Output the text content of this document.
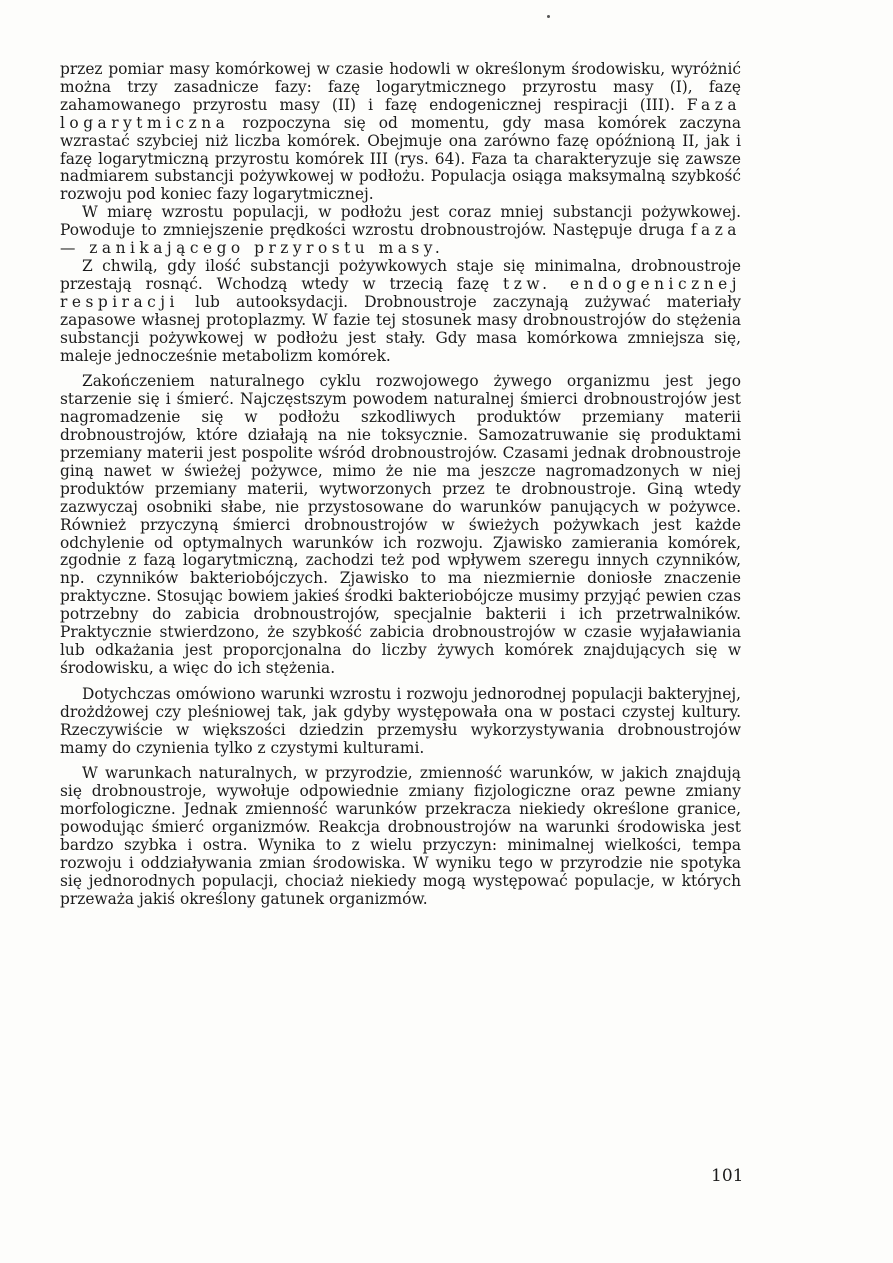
przez pomiar masy komórkowej w czasie hodowli w określonym środowisku, wyróżnić można trzy zasadnicze fazy: fazę logarytmicznego przyrostu masy (I), fazę zahamowanego przyrostu masy (II) i fazę endogenicznej respiracji (III). Faza logarytmiczna rozpoczyna się od momentu, gdy masa komórek zaczyna wzrastać szybciej niż liczba komórek. Obejmuje ona zarówno fazę opóźnioną II, jak i fazę logarytmiczną przyrostu komórek III (rys. 64). Faza ta charakteryzuje się zawsze nadmiarem substancji pożywkowej w podłożu. Populacja osiąga maksymalną szybkość rozwoju pod koniec fazy logarytmicznej.

W miarę wzrostu populacji, w podłożu jest coraz mniej substancji pożywkowej. Powoduje to zmniejszenie prędkości wzrostu drobnoustrojów. Następuje druga faza — zanikającego przyrostu masy.

Z chwilą, gdy ilość substancji pożywkowych staje się minimalna, drobnoustroje przestają rosnąć. Wchodzą wtedy w trzecią fazę tzw. endogenicznej respiracji lub autooksydacji. Drobnoustroje zaczynają zużywać materiały zapasowe własnej protoplazmy. W fazie tej stosunek masy drobnoustrojów do stężenia substancji pożywkowej w podłożu jest stały. Gdy masa komórkowa zmniejsza się, maleje jednocześnie metabolizm komórek.

Zakończeniem naturalnego cyklu rozwojowego żywego organizmu jest jego starzenie się i śmierć. Najczęstszym powodem naturalnej śmierci drobnoustrojów jest nagromadzenie się w podłożu szkodliwych produktów przemiany materii drobnoustrojów, które działają na nie toksycznie. Samozatruwanie się produktami przemiany materii jest pospolite wśród drobnoustrojów. Czasami jednak drobnoustroje giną nawet w świeżej pożywce, mimo że nie ma jeszcze nagromadzonych w niej produktów przemiany materii, wytworzonych przez te drobnoustroje. Giną wtedy zazwyczaj osobniki słabe, nie przystosowane do warunków panujących w pożywce. Również przyczyną śmierci drobnoustrojów w świeżych pożywkach jest każde odchylenie od optymalnych warunków ich rozwoju. Zjawisko zamierania komórek, zgodnie z fazą logarytmiczną, zachodzi też pod wpływem szeregu innych czynników, np. czynników bakteriobójczych. Zjawisko to ma niezmiernie doniosłe znaczenie praktyczne. Stosując bowiem jakieś środki bakteriobójcze musimy przyjąć pewien czas potrzebny do zabicia drobnoustrojów, specjalnie bakterii i ich przetrwalników. Praktycznie stwierdzono, że szybkość zabicia drobnoustrojów w czasie wyjaławiania lub odkażania jest proporcjonalna do liczby żywych komórek znajdujących się w środowisku, a więc do ich stężenia.

Dotychczas omówiono warunki wzrostu i rozwoju jednorodnej populacji bakteryjnej, drożdżowej czy pleśniowej tak, jak gdyby występowała ona w postaci czystej kultury. Rzeczywiście w większości dziedzin przemysłu wykorzystywania drobnoustrojów mamy do czynienia tylko z czystymi kulturami.

W warunkach naturalnych, w przyrodzie, zmienność warunków, w jakich znajdują się drobnoustroje, wywołuje odpowiednie zmiany fizjologiczne oraz pewne zmiany morfologiczne. Jednak zmienność warunków przekracza niekiedy określone granice, powodując śmierć organizmów. Reakcja drobnoustrojów na warunki środowiska jest bardzo szybka i ostra. Wynika to z wielu przyczyn: minimalnej wielkości, tempa rozwoju i oddziaływania zmian środowiska. W wyniku tego w przyrodzie nie spotyka się jednorodnych populacji, chociaż niekiedy mogą występować populacje, w których przeważa jakiś określony gatunek organizmów.

101
